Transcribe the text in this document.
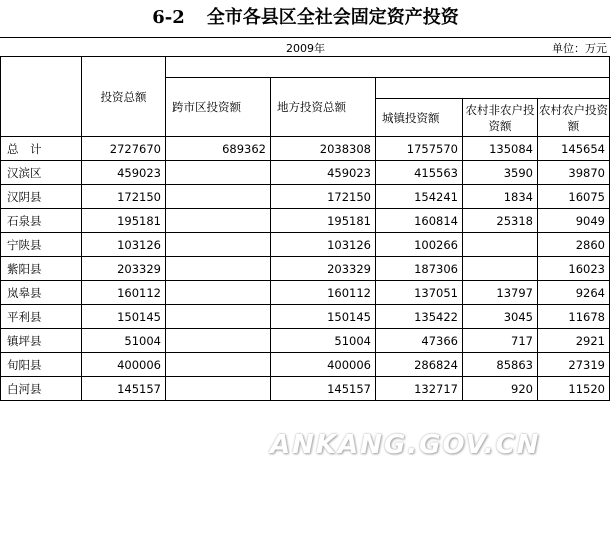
6-2 全市各县区全社会固定资产投资
2009年	单位：万元
	投资总额					
		跨市区投资额	地方投资总额			
				城镇投资额	农村非农户投资额	农村农户投资额
总　计	2727670	689362	2038308	1757570	135084	145654
汉滨区	459023		459023	415563	3590	39870
汉阴县	172150		172150	154241	1834	16075
石泉县	195181		195181	160814	25318	9049
宁陕县	103126		103126	100266		2860
紫阳县	203329		203329	187306		16023
岚皋县	160112		160112	137051	13797	9264
平利县	150145		150145	135422	3045	11678
镇坪县	51004		51004	47366	717	2921
旬阳县	400006		400006	286824	85863	27319
白河县	145157		145157	132717	920	11520
ANKANG.GOV.CN
